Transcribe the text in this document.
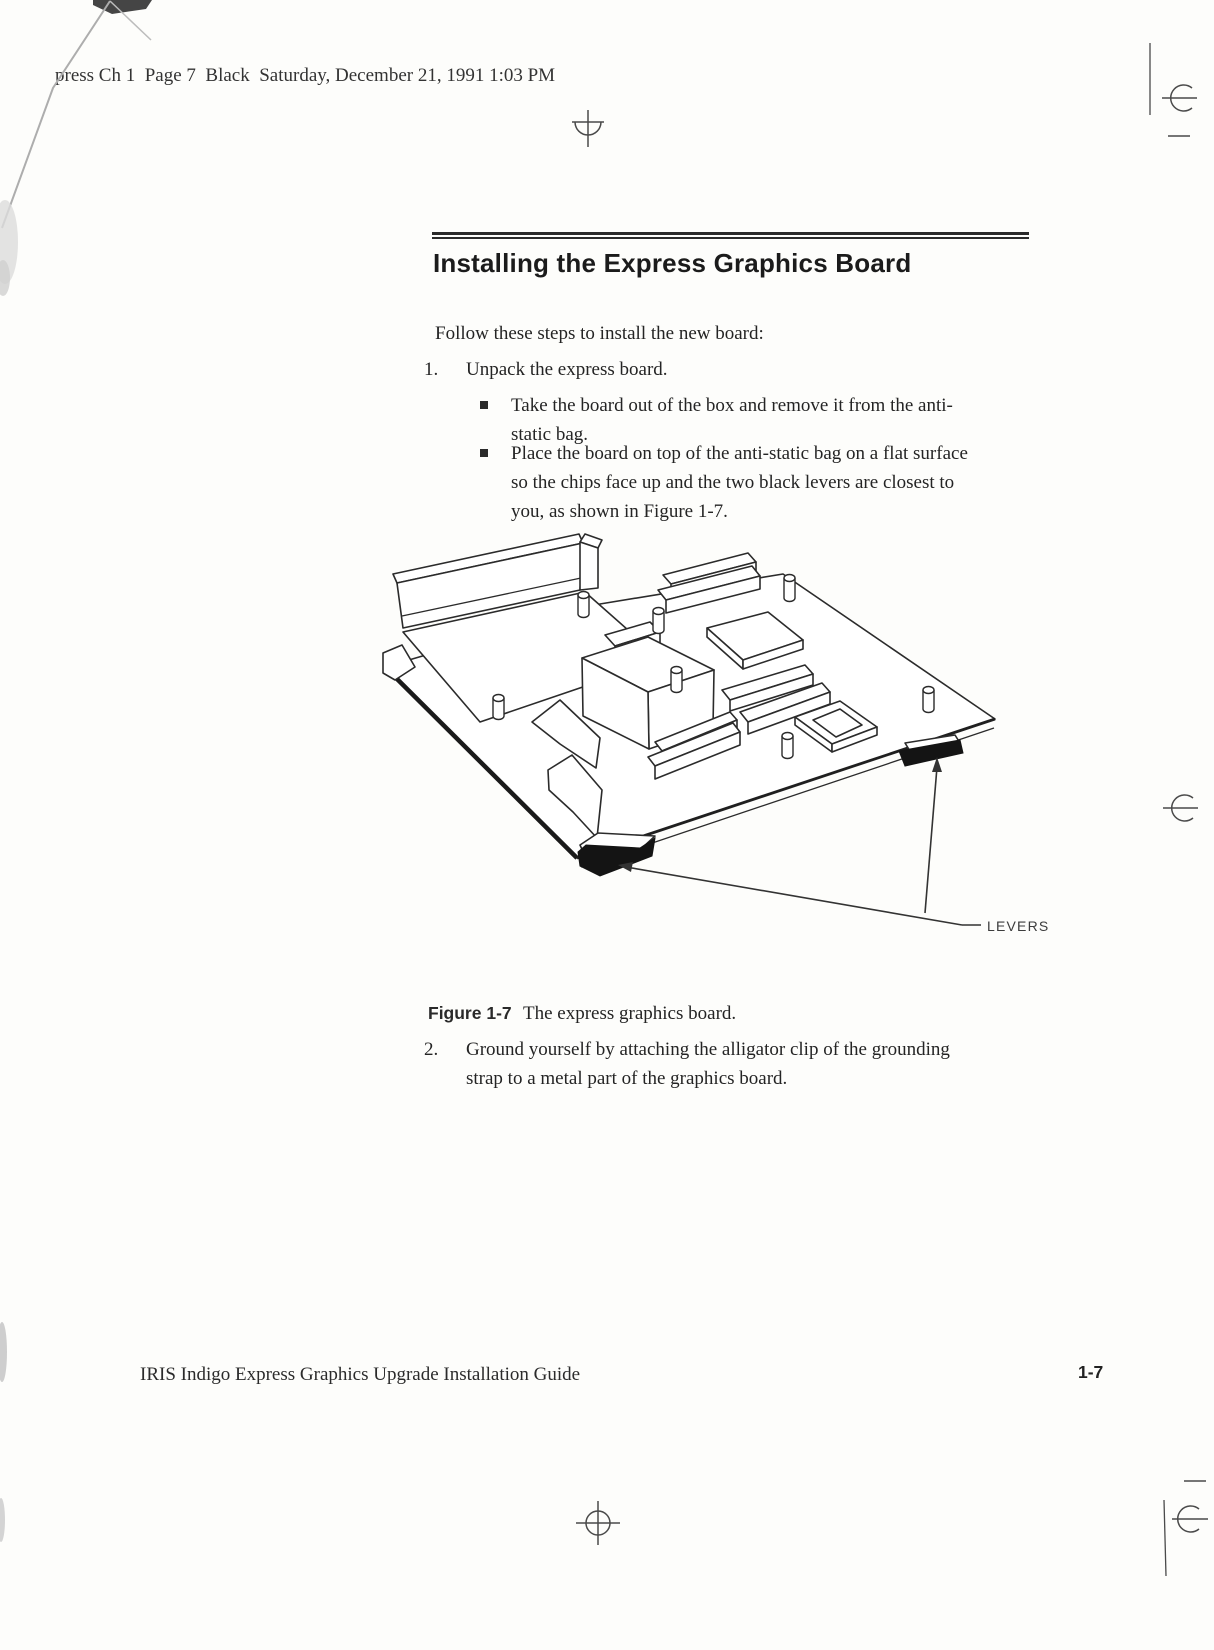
press Ch 1  Page 7  Black  Saturday, December 21, 1991 1:03 PM
Installing the Express Graphics Board
Follow these steps to install the new board:
1.	Unpack the express board.
Take the board out of the box and remove it from the anti-
static bag.
Place the board on top of the anti-static bag on a flat surface
so the chips face up and the two black levers are closest to
you, as shown in Figure 1-7.
LEVERS
Figure 1-7 The express graphics board.
2.	Ground yourself by attaching the alligator clip of the grounding
strap to a metal part of the graphics board.
IRIS Indigo Express Graphics Upgrade Installation Guide	1-7
